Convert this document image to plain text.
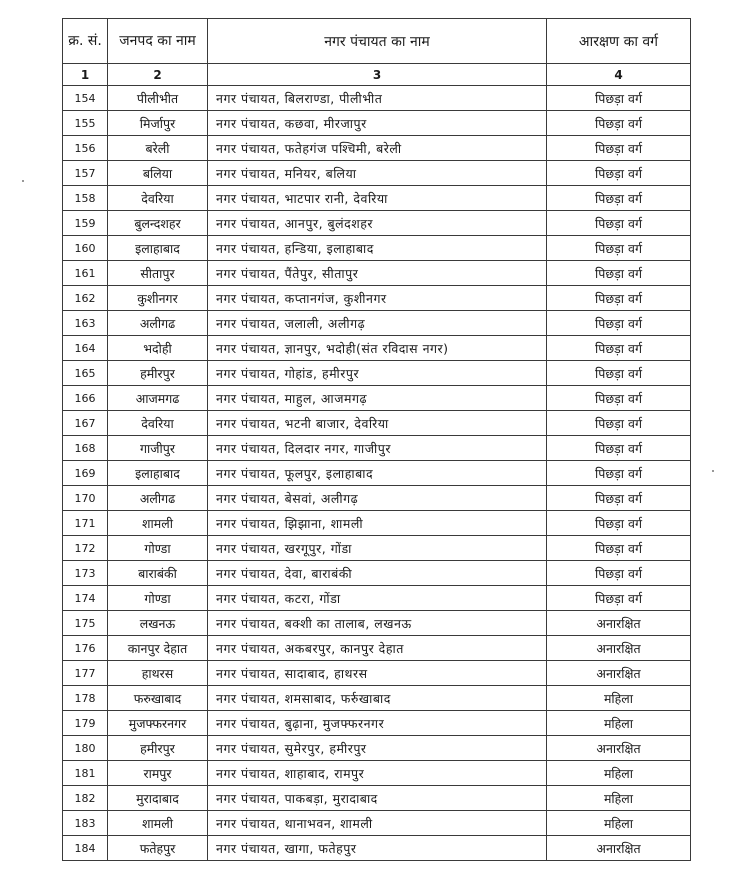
क्र. सं.	जनपद का नाम	नगर पंचायत का नाम	आरक्षण का वर्ग
1	2	3	4
154	पीलीभीत	नगर पंचायत, बिलराण्डा, पीलीभीत	पिछड़ा वर्ग
155	मिर्जापुर	नगर पंचायत, कछवा, मीरजापुर	पिछड़ा वर्ग
156	बरेली	नगर पंचायत, फतेहगंज पश्चिमी, बरेली	पिछड़ा वर्ग
157	बलिया	नगर पंचायत, मनियर, बलिया	पिछड़ा वर्ग
158	देवरिया	नगर पंचायत, भाटपार रानी, देवरिया	पिछड़ा वर्ग
159	बुलन्दशहर	नगर पंचायत, आनपुर, बुलंदशहर	पिछड़ा वर्ग
160	इलाहाबाद	नगर पंचायत, हन्डिया, इलाहाबाद	पिछड़ा वर्ग
161	सीतापुर	नगर पंचायत, पैंतेपुर, सीतापुर	पिछड़ा वर्ग
162	कुशीनगर	नगर पंचायत, कप्तानगंज, कुशीनगर	पिछड़ा वर्ग
163	अलीगढ	नगर पंचायत, जलाली, अलीगढ़	पिछड़ा वर्ग
164	भदोही	नगर पंचायत, ज्ञानपुर, भदोही(संत रविदास नगर)	पिछड़ा वर्ग
165	हमीरपुर	नगर पंचायत, गोहांड, हमीरपुर	पिछड़ा वर्ग
166	आजमगढ	नगर पंचायत, माहुल, आजमगढ़	पिछड़ा वर्ग
167	देवरिया	नगर पंचायत, भटनी बाजार, देवरिया	पिछड़ा वर्ग
168	गाजीपुर	नगर पंचायत, दिलदार नगर, गाजीपुर	पिछड़ा वर्ग
169	इलाहाबाद	नगर पंचायत, फूलपुर, इलाहाबाद	पिछड़ा वर्ग
170	अलीगढ	नगर पंचायत, बेसवां, अलीगढ़	पिछड़ा वर्ग
171	शामली	नगर पंचायत, झिझाना, शामली	पिछड़ा वर्ग
172	गोण्डा	नगर पंचायत, खरगूपुर, गोंडा	पिछड़ा वर्ग
173	बाराबंकी	नगर पंचायत, देवा, बाराबंकी	पिछड़ा वर्ग
174	गोण्डा	नगर पंचायत, कटरा, गोंडा	पिछड़ा वर्ग
175	लखनऊ	नगर पंचायत, बक्शी का तालाब, लखनऊ	अनारक्षित
176	कानपुर देहात	नगर पंचायत, अकबरपुर, कानपुर देहात	अनारक्षित
177	हाथरस	नगर पंचायत, सादाबाद, हाथरस	अनारक्षित
178	फरुखाबाद	नगर पंचायत, शमसाबाद, फर्रुखाबाद	महिला
179	मुजफ्फरनगर	नगर पंचायत, बुढ़ाना, मुजफ्फरनगर	महिला
180	हमीरपुर	नगर पंचायत, सुमेरपुर, हमीरपुर	अनारक्षित
181	रामपुर	नगर पंचायत, शाहाबाद, रामपुर	महिला
182	मुरादाबाद	नगर पंचायत, पाकबड़ा, मुरादाबाद	महिला
183	शामली	नगर पंचायत, थानाभवन, शामली	महिला
184	फतेहपुर	नगर पंचायत, खागा, फतेहपुर	अनारक्षित
